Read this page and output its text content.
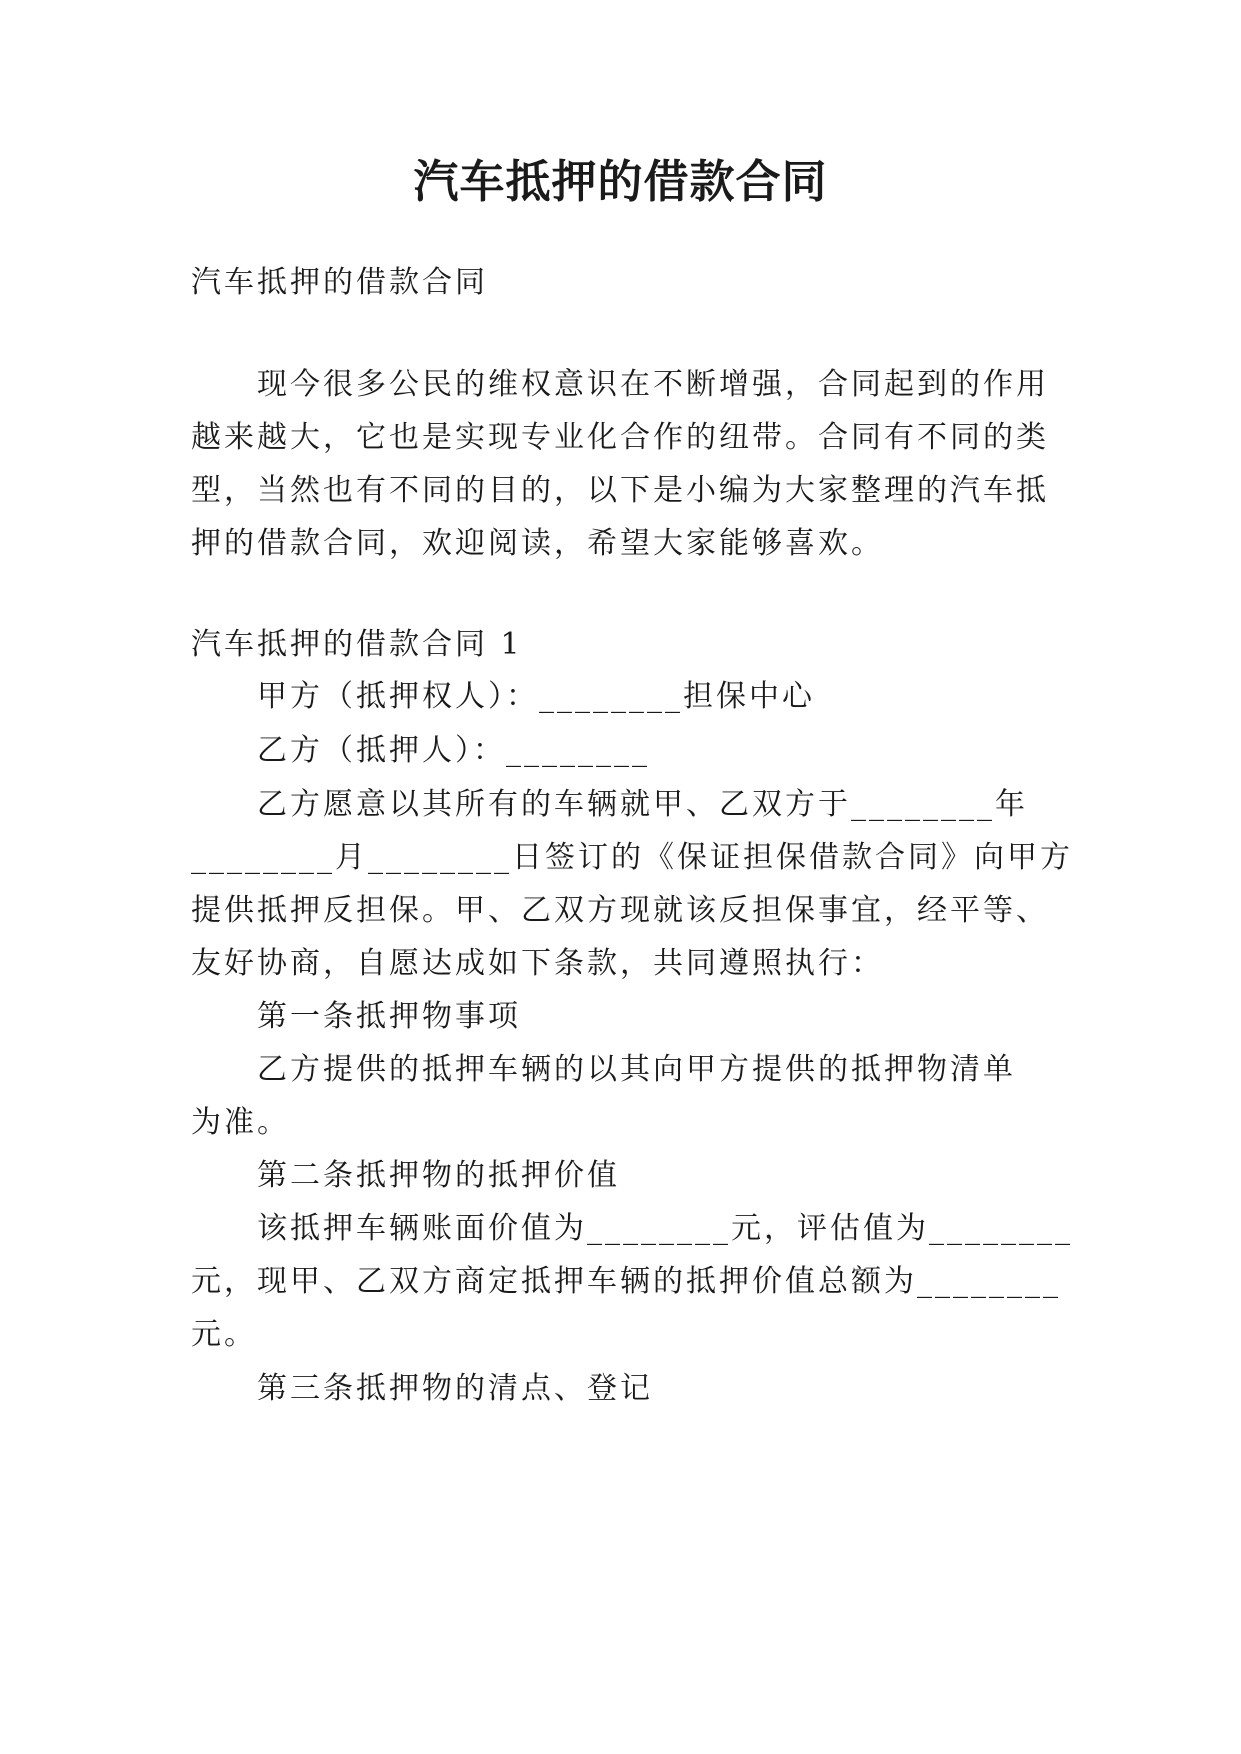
汽车抵押的借款合同
汽车抵押的借款合同
现今很多公民的维权意识在不断增强，合同起到的作用
越来越大，它也是实现专业化合作的纽带。合同有不同的类
型，当然也有不同的目的，以下是小编为大家整理的汽车抵
押的借款合同，欢迎阅读，希望大家能够喜欢。
汽车抵押的借款合同 1
甲方（抵押权人）：________担保中心
乙方（抵押人）：________
乙方愿意以其所有的车辆就甲、乙双方于________年
________月________日签订的《保证担保借款合同》向甲方
提供抵押反担保。甲、乙双方现就该反担保事宜，经平等、
友好协商，自愿达成如下条款，共同遵照执行：
第一条抵押物事项
乙方提供的抵押车辆的以其向甲方提供的抵押物清单
为准。
第二条抵押物的抵押价值
该抵押车辆账面价值为________元，评估值为________
元，现甲、乙双方商定抵押车辆的抵押价值总额为________
元。
第三条抵押物的清点、登记
